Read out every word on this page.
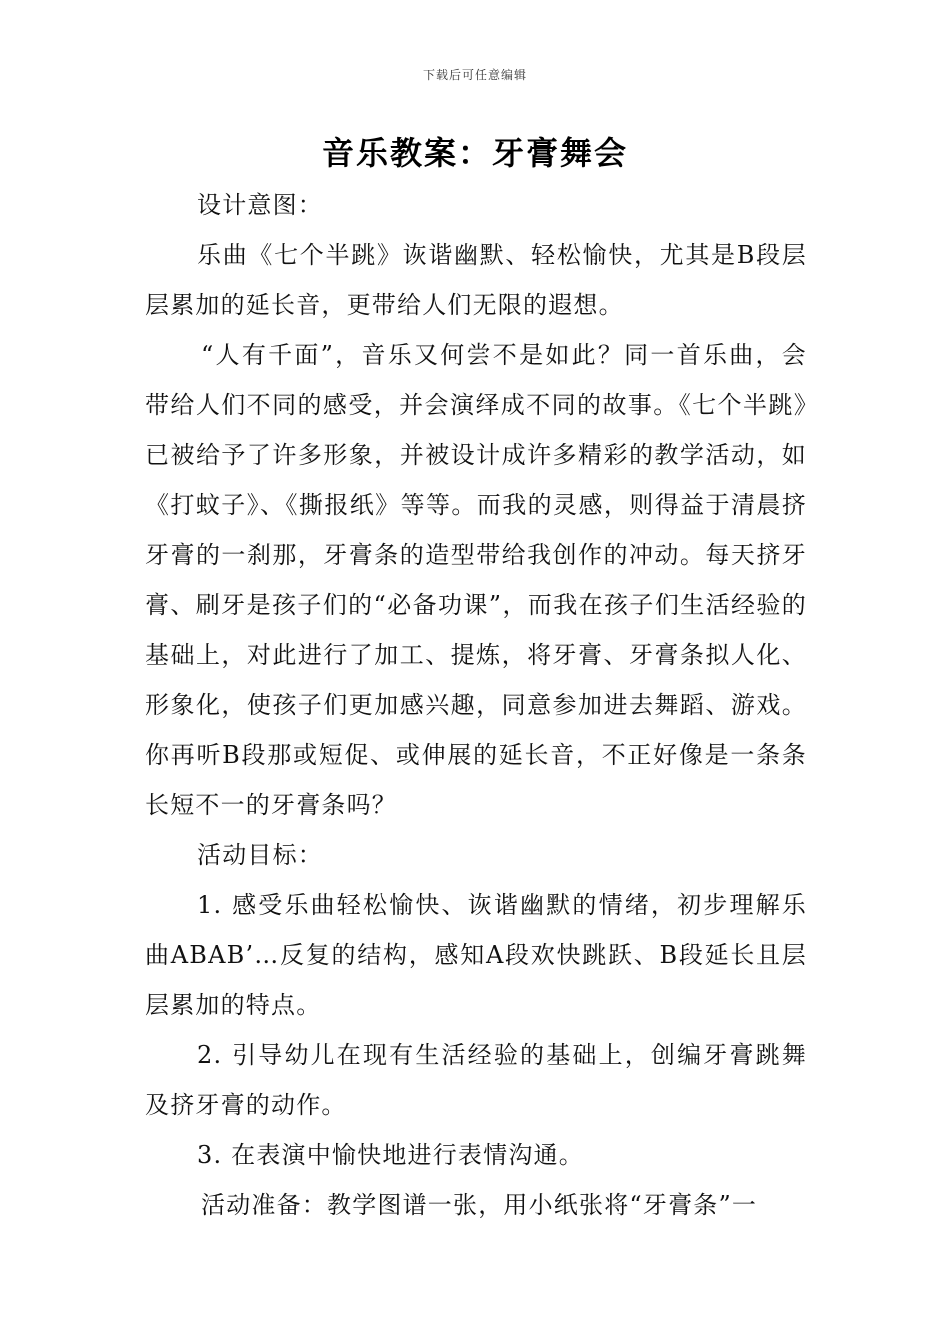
下载后可任意编辑
音乐教案：牙膏舞会

设计意图：

乐曲《七个半跳》诙谐幽默、轻松愉快，尤其是B段层层累加的延长音，更带给人们无限的遐想。

“人有千面”，音乐又何尝不是如此？同一首乐曲，会带给人们不同的感受，并会演绎成不同的故事。《七个半跳》已被给予了许多形象，并被设计成许多精彩的教学活动，如《打蚊子》、《撕报纸》等等。而我的灵感，则得益于清晨挤牙膏的一刹那，牙膏条的造型带给我创作的冲动。每天挤牙膏、刷牙是孩子们的“必备功课”，而我在孩子们生活经验的基础上，对此进行了加工、提炼，将牙膏、牙膏条拟人化、形象化，使孩子们更加感兴趣，同意参加进去舞蹈、游戏。你再听B段那或短促、或伸展的延长音，不正好像是一条条长短不一的牙膏条吗？

活动目标：

1. 感受乐曲轻松愉快、诙谐幽默的情绪，初步理解乐曲ABAB’…反复的结构，感知A段欢快跳跃、B段延长且层层累加的特点。

2. 引导幼儿在现有生活经验的基础上，创编牙膏跳舞及挤牙膏的动作。

3. 在表演中愉快地进行表情沟通。

活动准备：教学图谱一张，用小纸张将“牙膏条”一
